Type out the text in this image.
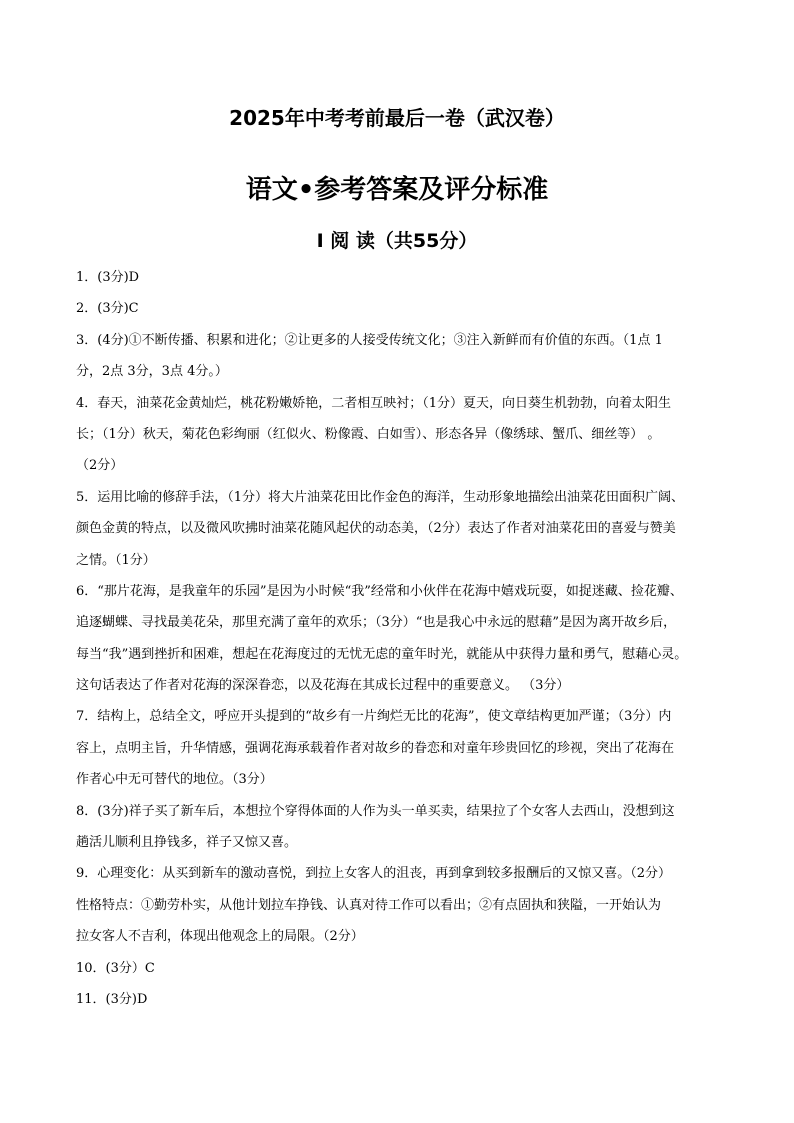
2025年中考考前最后一卷（武汉卷）
语文•参考答案及评分标准
I 阅 读（共55分）
1．(3分)D
2．(3分)C
3．(4分)①不断传播、积累和进化；②让更多的人接受传统文化；③注入新鲜而有价值的东西。（1点 1
分，2点 3分，3点 4分。）
4．春天，油菜花金黄灿烂，桃花粉嫩娇艳，二者相互映衬；（1分）夏天，向日葵生机勃勃，向着太阳生
长；（1分）秋天，菊花色彩绚丽（红似火、粉像霞、白如雪）、形态各异（像绣球、蟹爪、细丝等） 。
（2分）
5．运用比喻的修辞手法，（1分）将大片油菜花田比作金色的海洋，生动形象地描绘出油菜花田面积广阔、
颜色金黄的特点，以及微风吹拂时油菜花随风起伏的动态美，（2分）表达了作者对油菜花田的喜爱与赞美
之情。（1分）
6．“那片花海，是我童年的乐园”是因为小时候“我”经常和小伙伴在花海中嬉戏玩耍，如捉迷藏、捡花瓣、
追逐蝴蝶、寻找最美花朵，那里充满了童年的欢乐；（3分）“也是我心中永远的慰藉”是因为离开故乡后，
每当“我”遇到挫折和困难，想起在花海度过的无忧无虑的童年时光，就能从中获得力量和勇气，慰藉心灵。
这句话表达了作者对花海的深深眷恋，以及花海在其成长过程中的重要意义。 （3分）
7．结构上，总结全文，呼应开头提到的“故乡有一片绚烂无比的花海”，使文章结构更加严谨；（3分）内
容上，点明主旨，升华情感，强调花海承载着作者对故乡的眷恋和对童年珍贵回忆的珍视，突出了花海在
作者心中无可替代的地位。（3分）
8．(3分)祥子买了新车后，本想拉个穿得体面的人作为头一单买卖，结果拉了个女客人去西山，没想到这
趟活儿顺利且挣钱多，祥子又惊又喜。
9．心理变化：从买到新车的激动喜悦，到拉上女客人的沮丧，再到拿到较多报酬后的又惊又喜。（2分）
性格特点：①勤劳朴实，从他计划拉车挣钱、认真对待工作可以看出；②有点固执和狭隘，一开始认为
拉女客人不吉利，体现出他观念上的局限。（2分）
10．(3分）C
11．(3分)D
